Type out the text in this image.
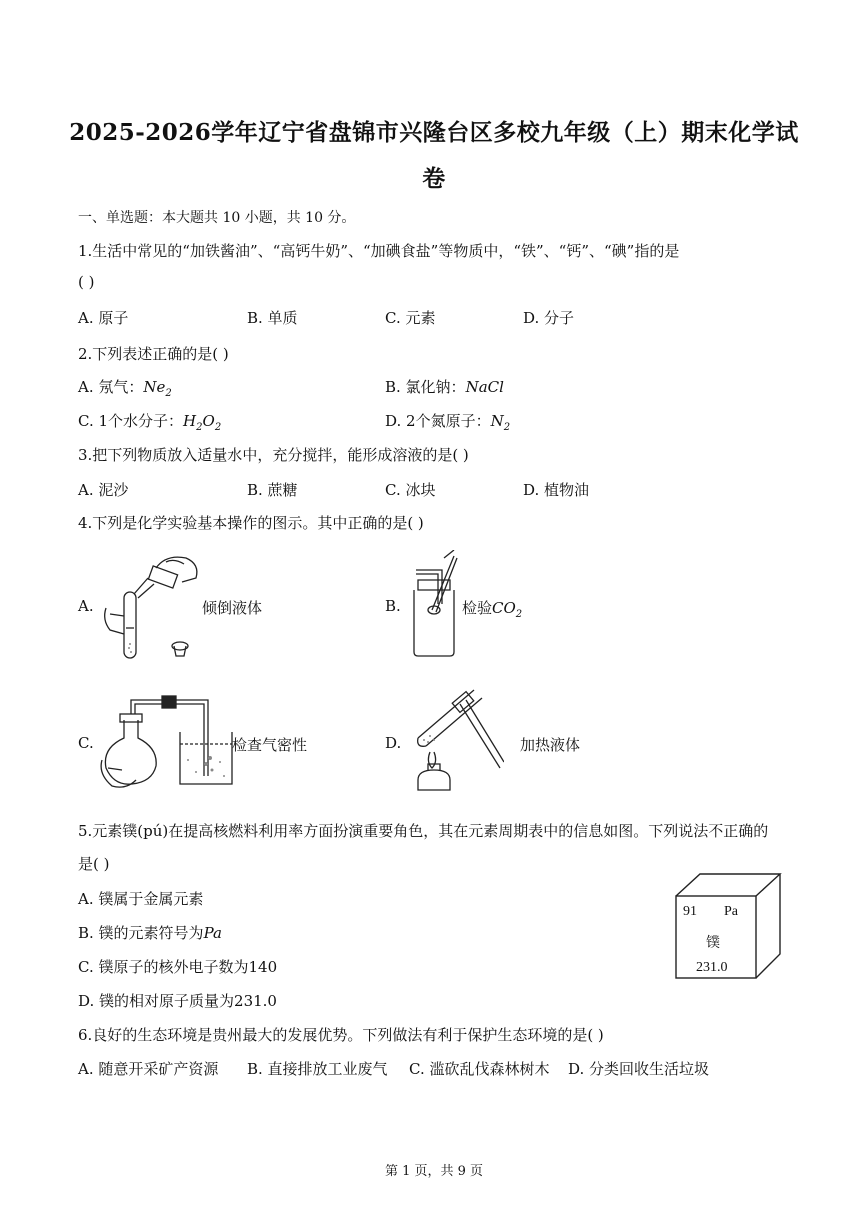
2025-2026学年辽宁省盘锦市兴隆台区多校九年级（上）期末化学试
卷
一、单选题：本大题共 10 小题，共 10 分。
1.生活中常见的“加铁酱油”、“高钙牛奶”、“加碘食盐”等物质中，“铁”、“钙”、“碘”指的是
( )
A. 原子	B. 单质	C. 元素	D. 分子
2.下列表述正确的是( )
A. 氖气：$Ne_2$	B. 氯化钠：NaCl
C. 1个水分子：$H_2O_2$	D. 2个氮原子：$N_2$
3.把下列物质放入适量水中，充分搅拌，能形成溶液的是( )
A. 泥沙	B. 蔗糖	C. 冰块	D. 植物油
4.下列是化学实验基本操作的图示。其中正确的是( )
A.	倾倒液体	B.	检验$CO_2$
C.	检查气密性	D.	加热液体
5.元素镤(pú)在提高核燃料利用率方面扮演重要角色，其在元素周期表中的信息如图。下列说法不正确的
是( )
A. 镤属于金属元素
B. 镤的元素符号为Pa
C. 镤原子的核外电子数为140
D. 镤的相对原子质量为231.0
91 Pa
镤
231.0
6.良好的生态环境是贵州最大的发展优势。下列做法有利于保护生态环境的是( )
A. 随意开采矿产资源 B. 直接排放工业废气 C. 滥砍乱伐森林树木 D. 分类回收生活垃圾
第 1 页，共 9 页
